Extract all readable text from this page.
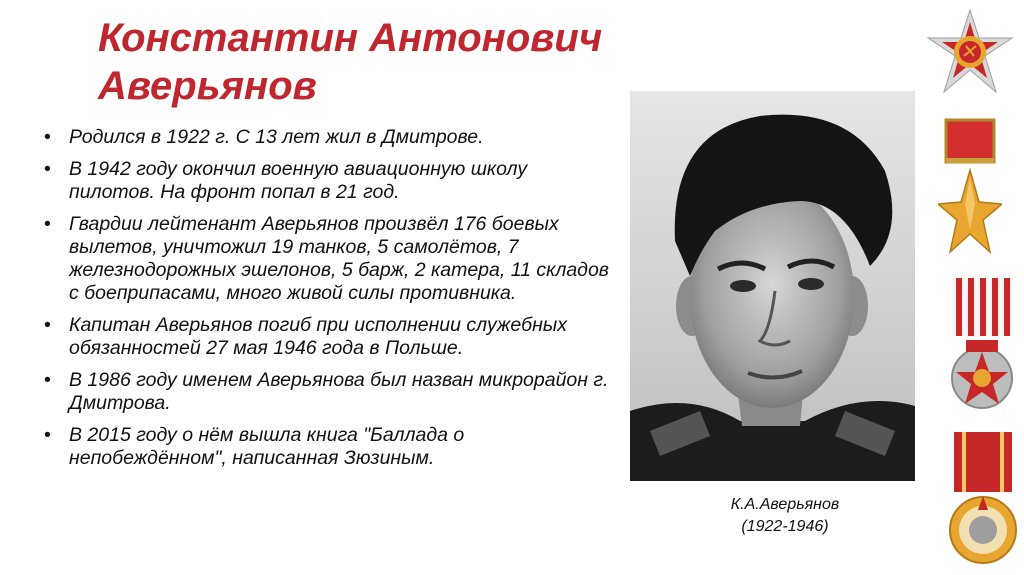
Константин Антонович
Аверьянов
• Родился в 1922 г. С 13 лет жил в Дмитрове.
• В 1942 году окончил военную авиационную школу пилотов. На фронт попал в 21 год.
• Гвардии лейтенант Аверьянов произвёл 176 боевых вылетов, уничтожил 19 танков, 5 самолётов, 7 железнодорожных эшелонов, 5 барж, 2 катера, 11 складов с боеприпасами, много живой силы противника.
• Капитан Аверьянов погиб при исполнении служебных обязанностей 27 мая 1946 года в Польше.
• В 1986 году именем Аверьянова был назван микрорайон г. Дмитрова.
• В 2015 году о нём вышла книга "Баллада о непобеждённом", написанная Зюзиным.
К.А.Аверьянов
(1922-1946)
